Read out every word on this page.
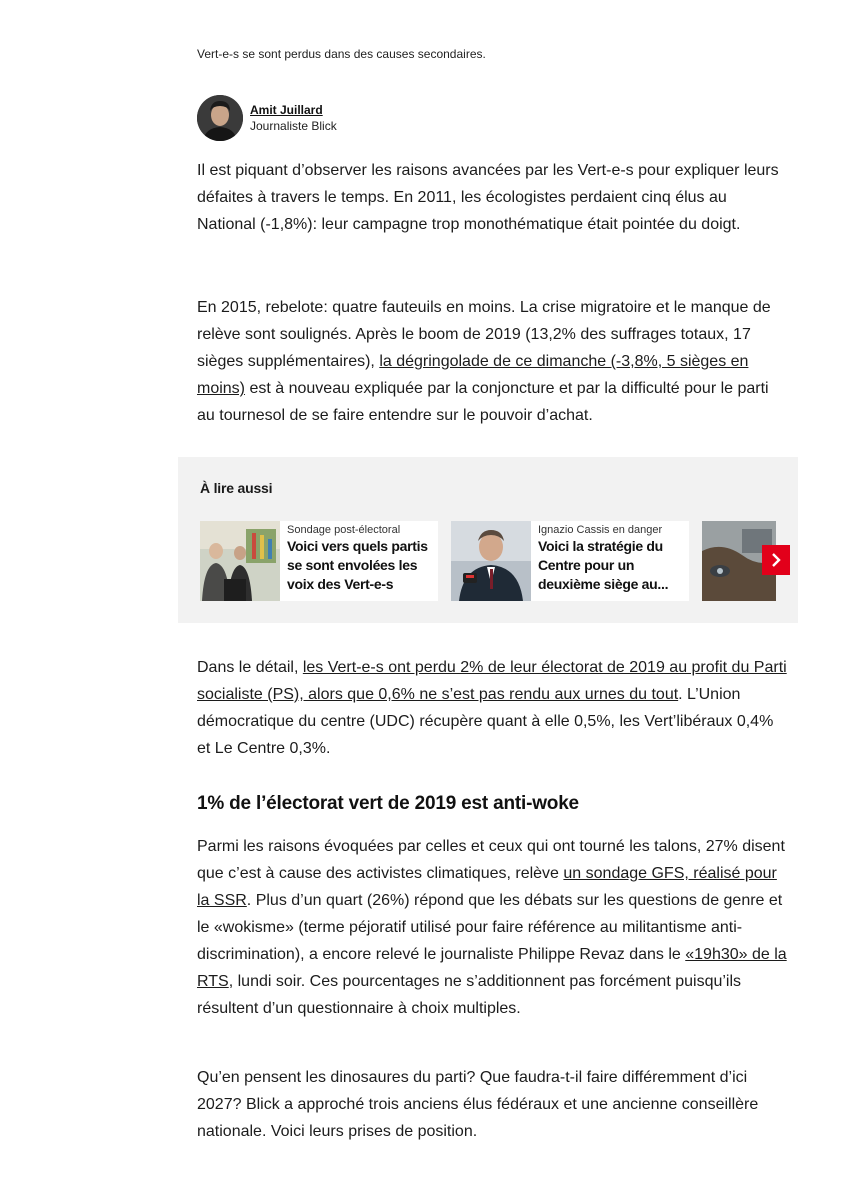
Vert-e-s se sont perdus dans des causes secondaires.
Amit Juillard
Journaliste Blick

Il est piquant d’observer les raisons avancées par les Vert-e-s pour expliquer leurs défaites à travers le temps. En 2011, les écologistes perdaient cinq élus au National (-1,8%): leur campagne trop monothématique était pointée du doigt.

En 2015, rebelote: quatre fauteuils en moins. La crise migratoire et le manque de relève sont soulignés. Après le boom de 2019 (13,2% des suffrages totaux, 17 sièges supplémentaires), la dégringolade de ce dimanche (-3,8%, 5 sièges en moins) est à nouveau expliquée par la conjoncture et par la difficulté pour le parti au tournesol de se faire entendre sur le pouvoir d’achat.

À lire aussi
Sondage post-électoral
Voici vers quels partis se sont envolées les voix des Vert-e-s
Ignazio Cassis en danger
Voici la stratégie du Centre pour un deuxième siège au...

Dans le détail, les Vert-e-s ont perdu 2% de leur électorat de 2019 au profit du Parti socialiste (PS), alors que 0,6% ne s’est pas rendu aux urnes du tout. L’Union démocratique du centre (UDC) récupère quant à elle 0,5%, les Vert’libéraux 0,4% et Le Centre 0,3%.

1% de l’électorat vert de 2019 est anti-woke

Parmi les raisons évoquées par celles et ceux qui ont tourné les talons, 27% disent que c’est à cause des activistes climatiques, relève un sondage GFS, réalisé pour la SSR. Plus d’un quart (26%) répond que les débats sur les questions de genre et le «wokisme» (terme péjoratif utilisé pour faire référence au militantisme anti-discrimination), a encore relevé le journaliste Philippe Revaz dans le «19h30» de la RTS, lundi soir. Ces pourcentages ne s’additionnent pas forcément puisqu’ils résultent d’un questionnaire à choix multiples.

Qu’en pensent les dinosaures du parti? Que faudra-t-il faire différemment d’ici 2027? Blick a approché trois anciens élus fédéraux et une ancienne conseillère nationale. Voici leurs prises de position.
